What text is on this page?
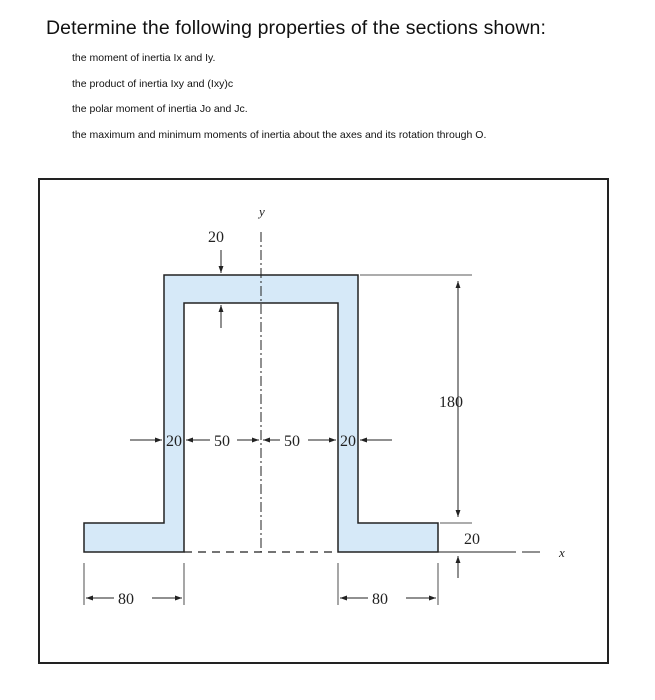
Determine the following properties of the sections shown:
the moment of inertia Ix and Iy.
the product of inertia Ixy and (Ixy)c
the polar moment of inertia Jo and Jc.
the maximum and minimum moments of inertia about the axes and its rotation through O.
y
x
20
180
20
20 50	50	20
80	80
